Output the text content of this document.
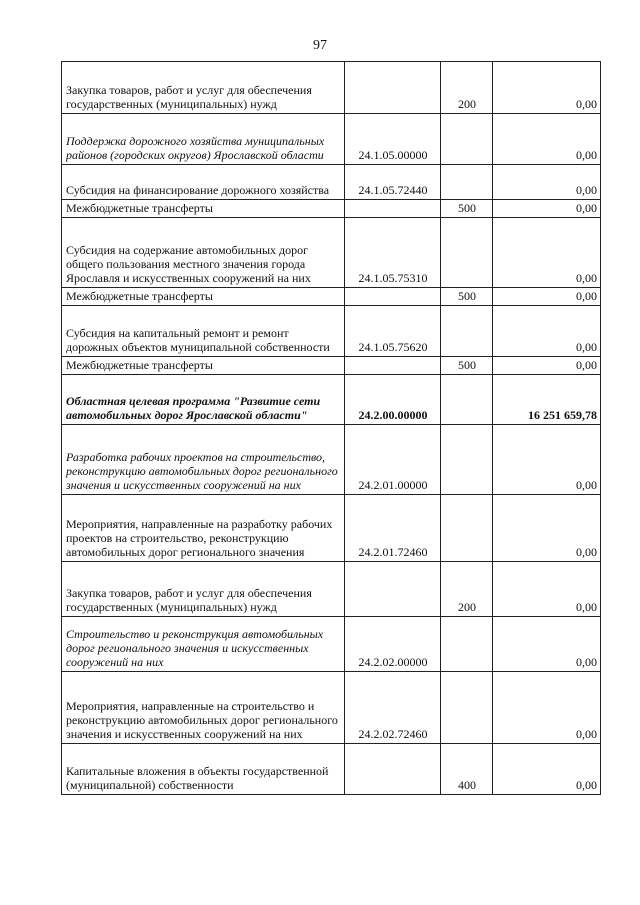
97
Закупка товаров, работ и услуг для обеспечения государственных (муниципальных) нужд		200	0,00
Поддержка дорожного хозяйства муниципальных районов (городских округов) Ярославской области	24.1.05.00000		0,00
Субсидия на финансирование дорожного хозяйства	24.1.05.72440		0,00
Межбюджетные трансферты		500	0,00
Субсидия на содержание автомобильных дорог общего пользования местного значения города Ярославля и искусственных сооружений на них	24.1.05.75310		0,00
Межбюджетные трансферты		500	0,00
Субсидия на капитальный ремонт и ремонт дорожных объектов муниципальной собственности	24.1.05.75620		0,00
Межбюджетные трансферты		500	0,00
Областная целевая программа "Развитие сети автомобильных дорог Ярославской области"	24.2.00.00000		16 251 659,78
Разработка рабочих проектов на строительство, реконструкцию автомобильных дорог регионального значения и искусственных сооружений на них	24.2.01.00000		0,00
Мероприятия, направленные на разработку рабочих проектов на строительство, реконструкцию автомобильных дорог регионального значения	24.2.01.72460		0,00
Закупка товаров, работ и услуг для обеспечения государственных (муниципальных) нужд		200	0,00
Строительство и реконструкция автомобильных дорог регионального значения и искусственных сооружений на них	24.2.02.00000		0,00
Мероприятия, направленные на строительство и реконструкцию автомобильных дорог регионального значения и искусственных сооружений на них	24.2.02.72460		0,00
Капитальные вложения в объекты государственной (муниципальной) собственности		400	0,00
